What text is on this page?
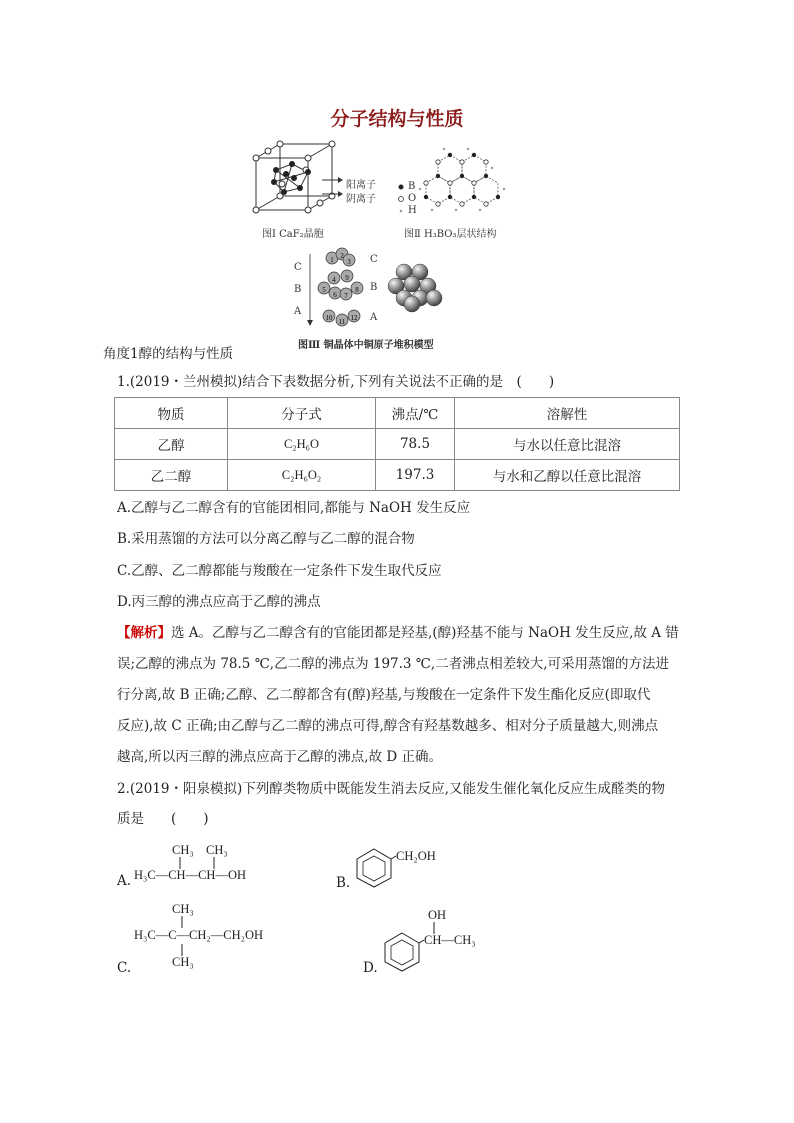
分子结构与性质
阳离子
阴离子
图Ⅰ CaF₂晶胞
B
O
H
图Ⅱ H₃BO₃层状结构
C
B
A
1 2
3
4
5
6 7
8
9
10 11 12
C
B
A
图Ⅲ 铜晶体中铜原子堆积模型
角度1醇的结构与性质
1.(2019・兰州模拟)结合下表数据分析,下列有关说法不正确的是　(　　)
物质	分子式	沸点/℃	溶解性
乙醇	C₂H₆O	78.5	与水以任意比混溶
乙二醇	C₂H₆O₂	197.3	与水和乙醇以任意比混溶
A.乙醇与乙二醇含有的官能团相同,都能与 NaOH 发生反应
B.采用蒸馏的方法可以分离乙醇与乙二醇的混合物
C.乙醇、乙二醇都能与羧酸在一定条件下发生取代反应
D.丙三醇的沸点应高于乙醇的沸点
【解析】选 A。乙醇与乙二醇含有的官能团都是羟基,(醇)羟基不能与 NaOH 发生反应,故 A 错
误;乙醇的沸点为 78.5 ℃,乙二醇的沸点为 197.3 ℃,二者沸点相差较大,可采用蒸馏的方法进
行分离,故 B 正确;乙醇、乙二醇都含有(醇)羟基,与羧酸在一定条件下发生酯化反应(即取代
反应),故 C 正确;由乙醇与乙二醇的沸点可得,醇含有羟基数越多、相对分子质量越大,则沸点
越高,所以丙三醇的沸点应高于乙醇的沸点,故 D 正确。
2.(2019・阳泉模拟)下列醇类物质中既能发生消去反应,又能发生催化氧化反应生成醛类的物
质是　　(　　)
A. H₃C—CH—CH—OH
CH₃ CH₃
B.
CH₂OH
C.
H₃C—C—CH₂—CH₂OH
CH₃
CH₃	D.
CH—CH₃
OH
